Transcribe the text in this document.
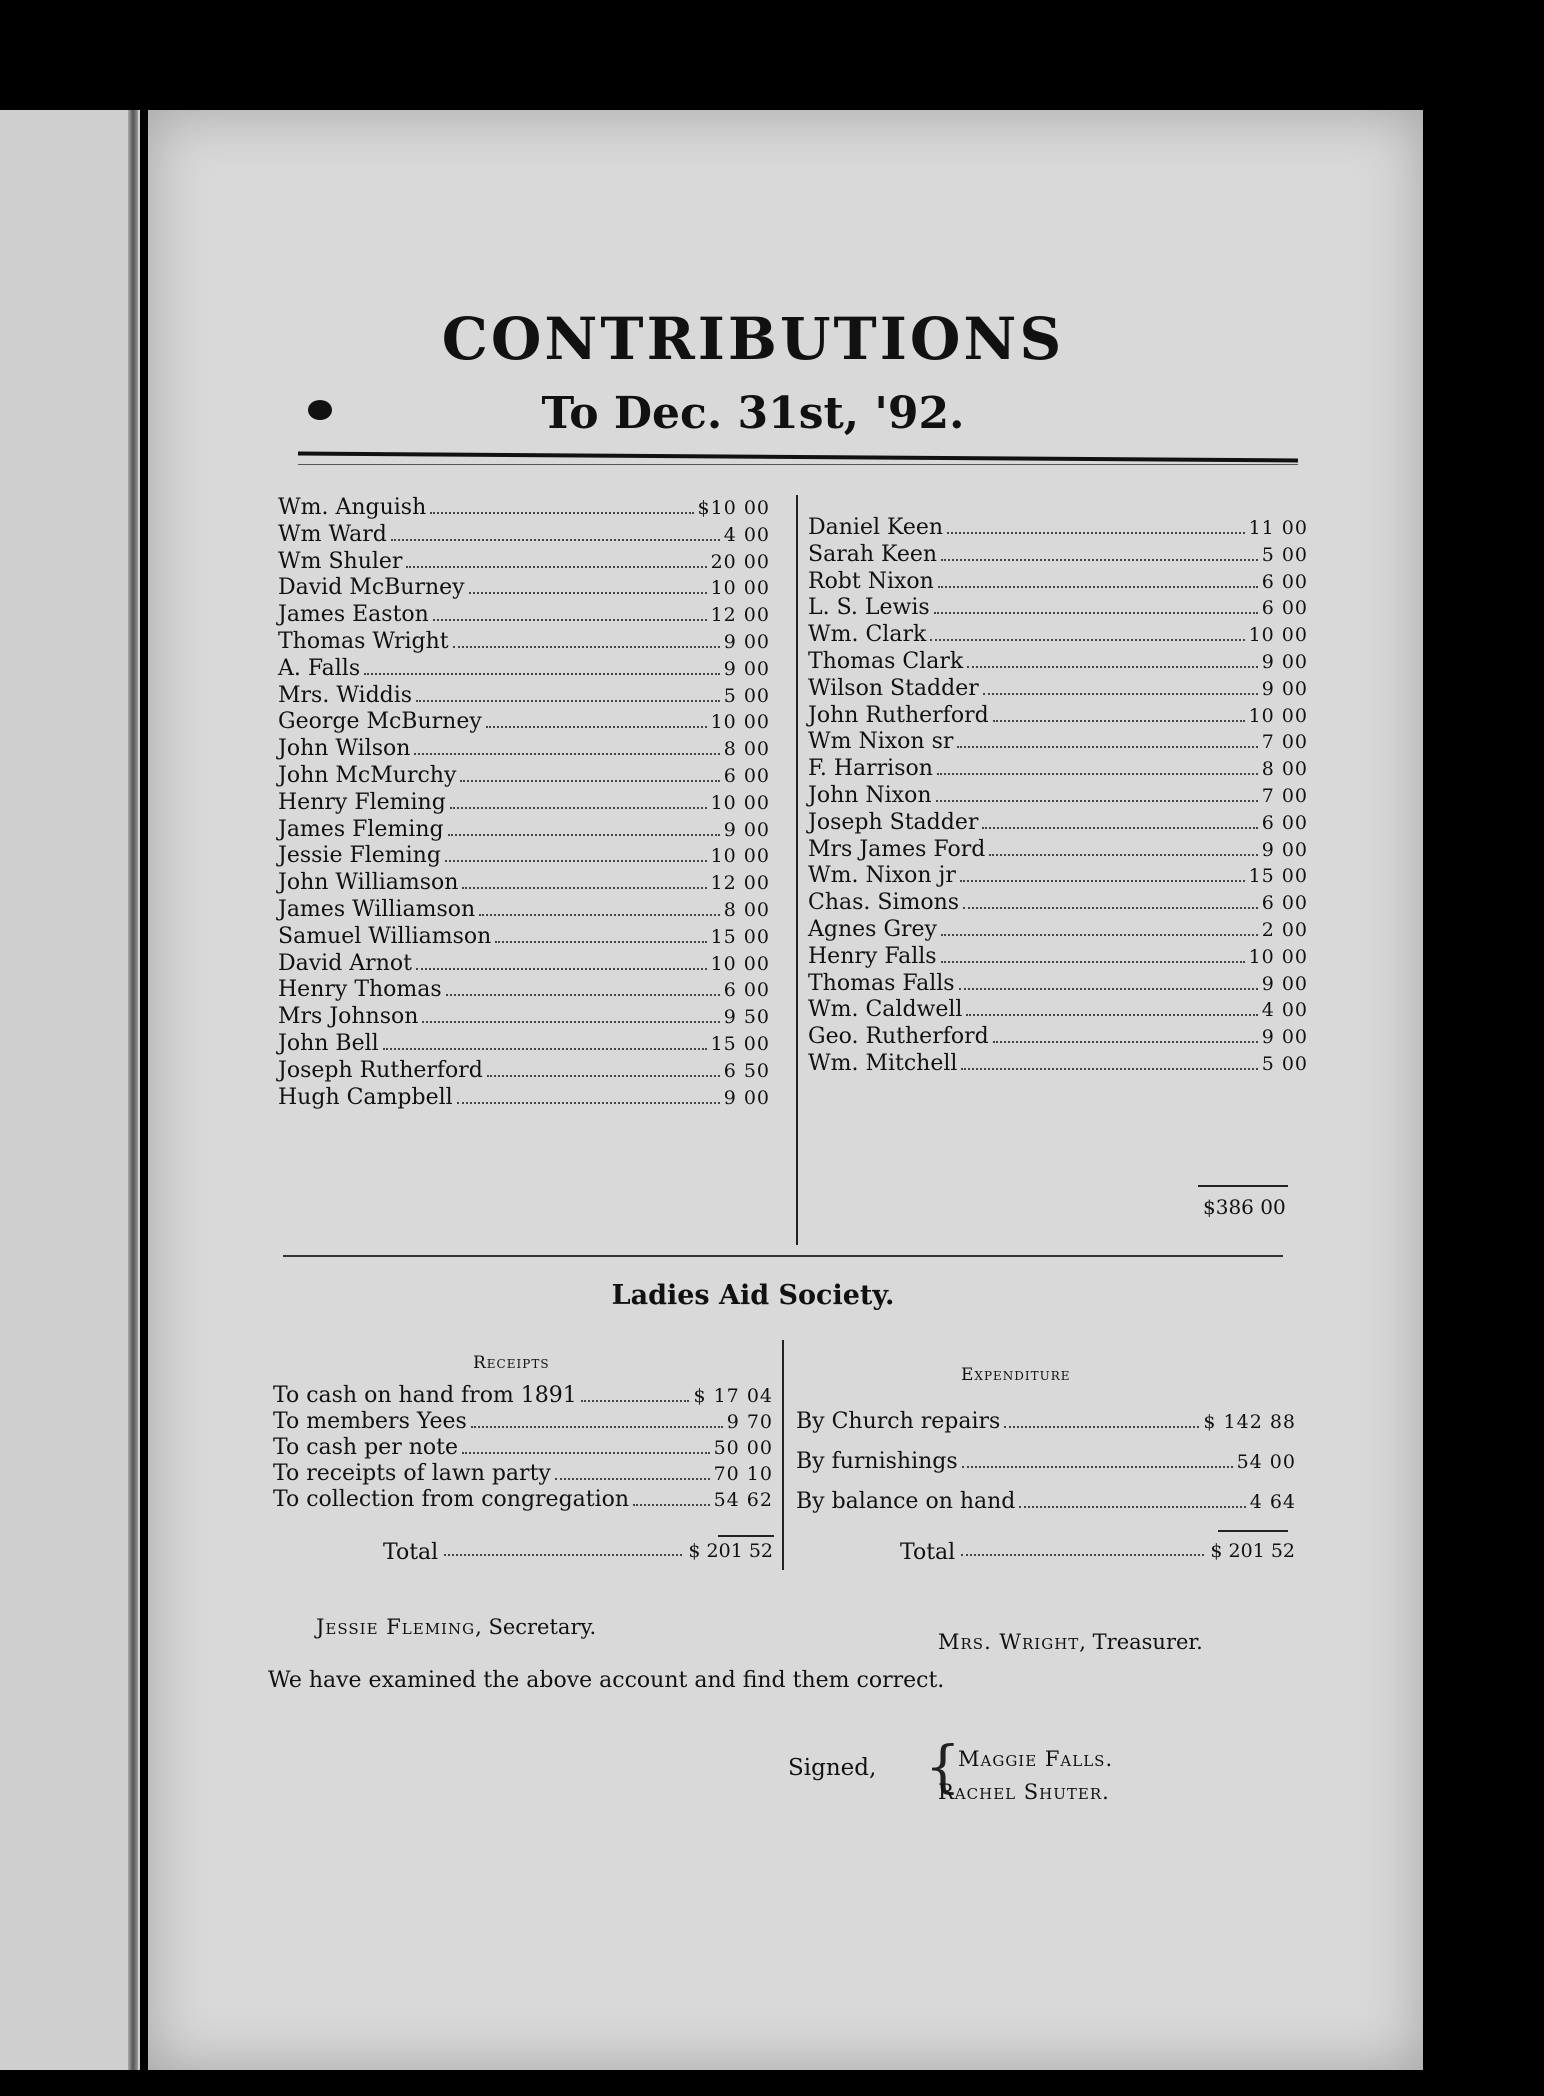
CONTRIBUTIONS
To Dec. 31st, '92.
Wm. Anguish	$10 00
Wm Ward	4 00
Wm Shuler	20 00
David McBurney	10 00
James Easton	12 00
Thomas Wright	9 00
A. Falls	9 00
Mrs. Widdis	5 00
George McBurney	10 00
John Wilson	8 00
John McMurchy	6 00
Henry Fleming	10 00
James Fleming	9 00
Jessie Fleming	10 00
John Williamson	12 00
James Williamson	8 00
Samuel Williamson	15 00
David Arnot	10 00
Henry Thomas	6 00
Mrs Johnson	9 50
John Bell	15 00
Joseph Rutherford	6 50
Hugh Campbell	9 00
Daniel Keen	11 00
Sarah Keen	5 00
Robt Nixon	6 00
L. S. Lewis	6 00
Wm. Clark	10 00
Thomas Clark	9 00
Wilson Stadder	9 00
John Rutherford	10 00
Wm Nixon sr	7 00
F. Harrison	8 00
John Nixon	7 00
Joseph Stadder	6 00
Mrs James Ford	9 00
Wm. Nixon jr	15 00
Chas. Simons	6 00
Agnes Grey	2 00
Henry Falls	10 00
Thomas Falls	9 00
Wm. Caldwell	4 00
Geo. Rutherford	9 00
Wm. Mitchell	5 00
$386 00
Ladies Aid Society.
Receipts
Expenditure
To cash on hand from 1891	$ 17 04
To members Yees	9 70
To cash per note	50 00
To receipts of lawn party	70 10
To collection from congregation	54 62
By Church repairs	$ 142 88
By furnishings	54 00
By balance on hand	4 64
Total	$ 201 52	Total	$ 201 52
Jessie Fleming, Secretary.
Mrs. Wright, Treasurer.
We have examined the above account and find them correct.
Signed, {
Maggie Falls.
Rachel Shuter.
